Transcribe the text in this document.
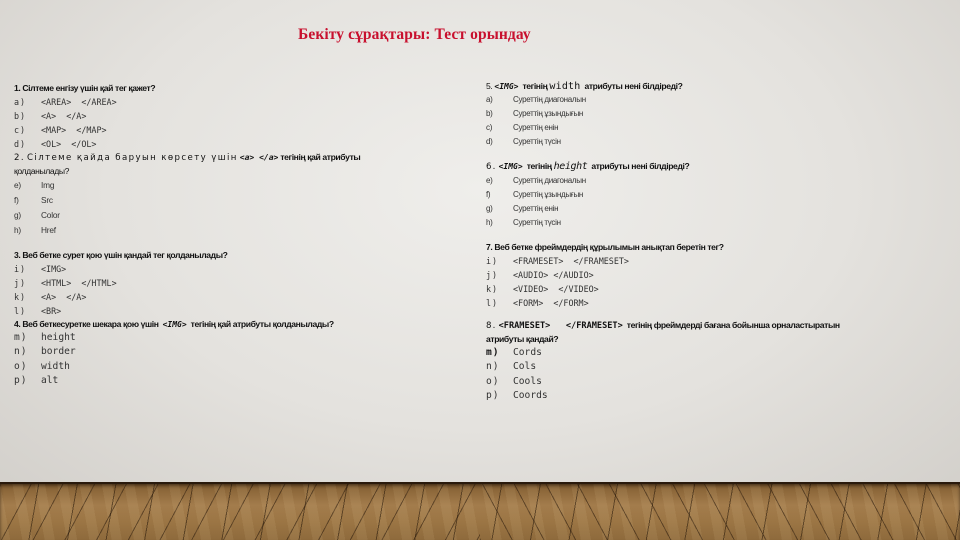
Бекіту сұрақтары: Тест орындау

1. Сілтеме енгізу үшін қай тег қажет?

a)	<AREA>  </AREA>
b)	<A>  </A>
c)	<MAP>  </MAP>
d)	<OL>  </OL>

2. Сілтеме қайда баруын көрсету үшін <a> </a> тегінің қай атрибуты
қолданылады?

e)	Img
f)	Src
g)	Color
h)	Href

3. Веб бетке сурет қою үшін қандай тег қолданылады?

i)	<IMG>
j)	<HTML>  </HTML>
k)	<A>  </A>
l)	<BR>

4. Веб беткесуретке шекара қою үшін <IMG> тегінің қай атрибуты қолданылады?

m)	height
n)	border
o)	width
p)	alt

5. <IMG> тегінің width атрибуты нені білдіреді?

a)	Суреттің диагоналын
b)	Суреттің ұзындығын
c)	Суреттің енін
d)	Суреттің түсін

6. <IMG> тегінің height атрибуты нені білдіреді?

e)	Суреттің диагоналын
f)	Суреттің ұзындығын
g)	Суреттің енін
h)	Суреттің түсін

7. Веб бетке фреймдердің құрылымын анықтап беретін тег?

i)	<FRAMESET>  </FRAMESET>
j)	<AUDIO> </AUDIO>
k)	<VIDEO>  </VIDEO>
l)	<FORM>  </FORM>

8. <FRAMESET>   </FRAMESET> тегінің фреймдерді бағана бойынша орналастыратын
атрибуты қандай?

m)	Cords
n)	Cols
o)	Cools
p)	Coords
